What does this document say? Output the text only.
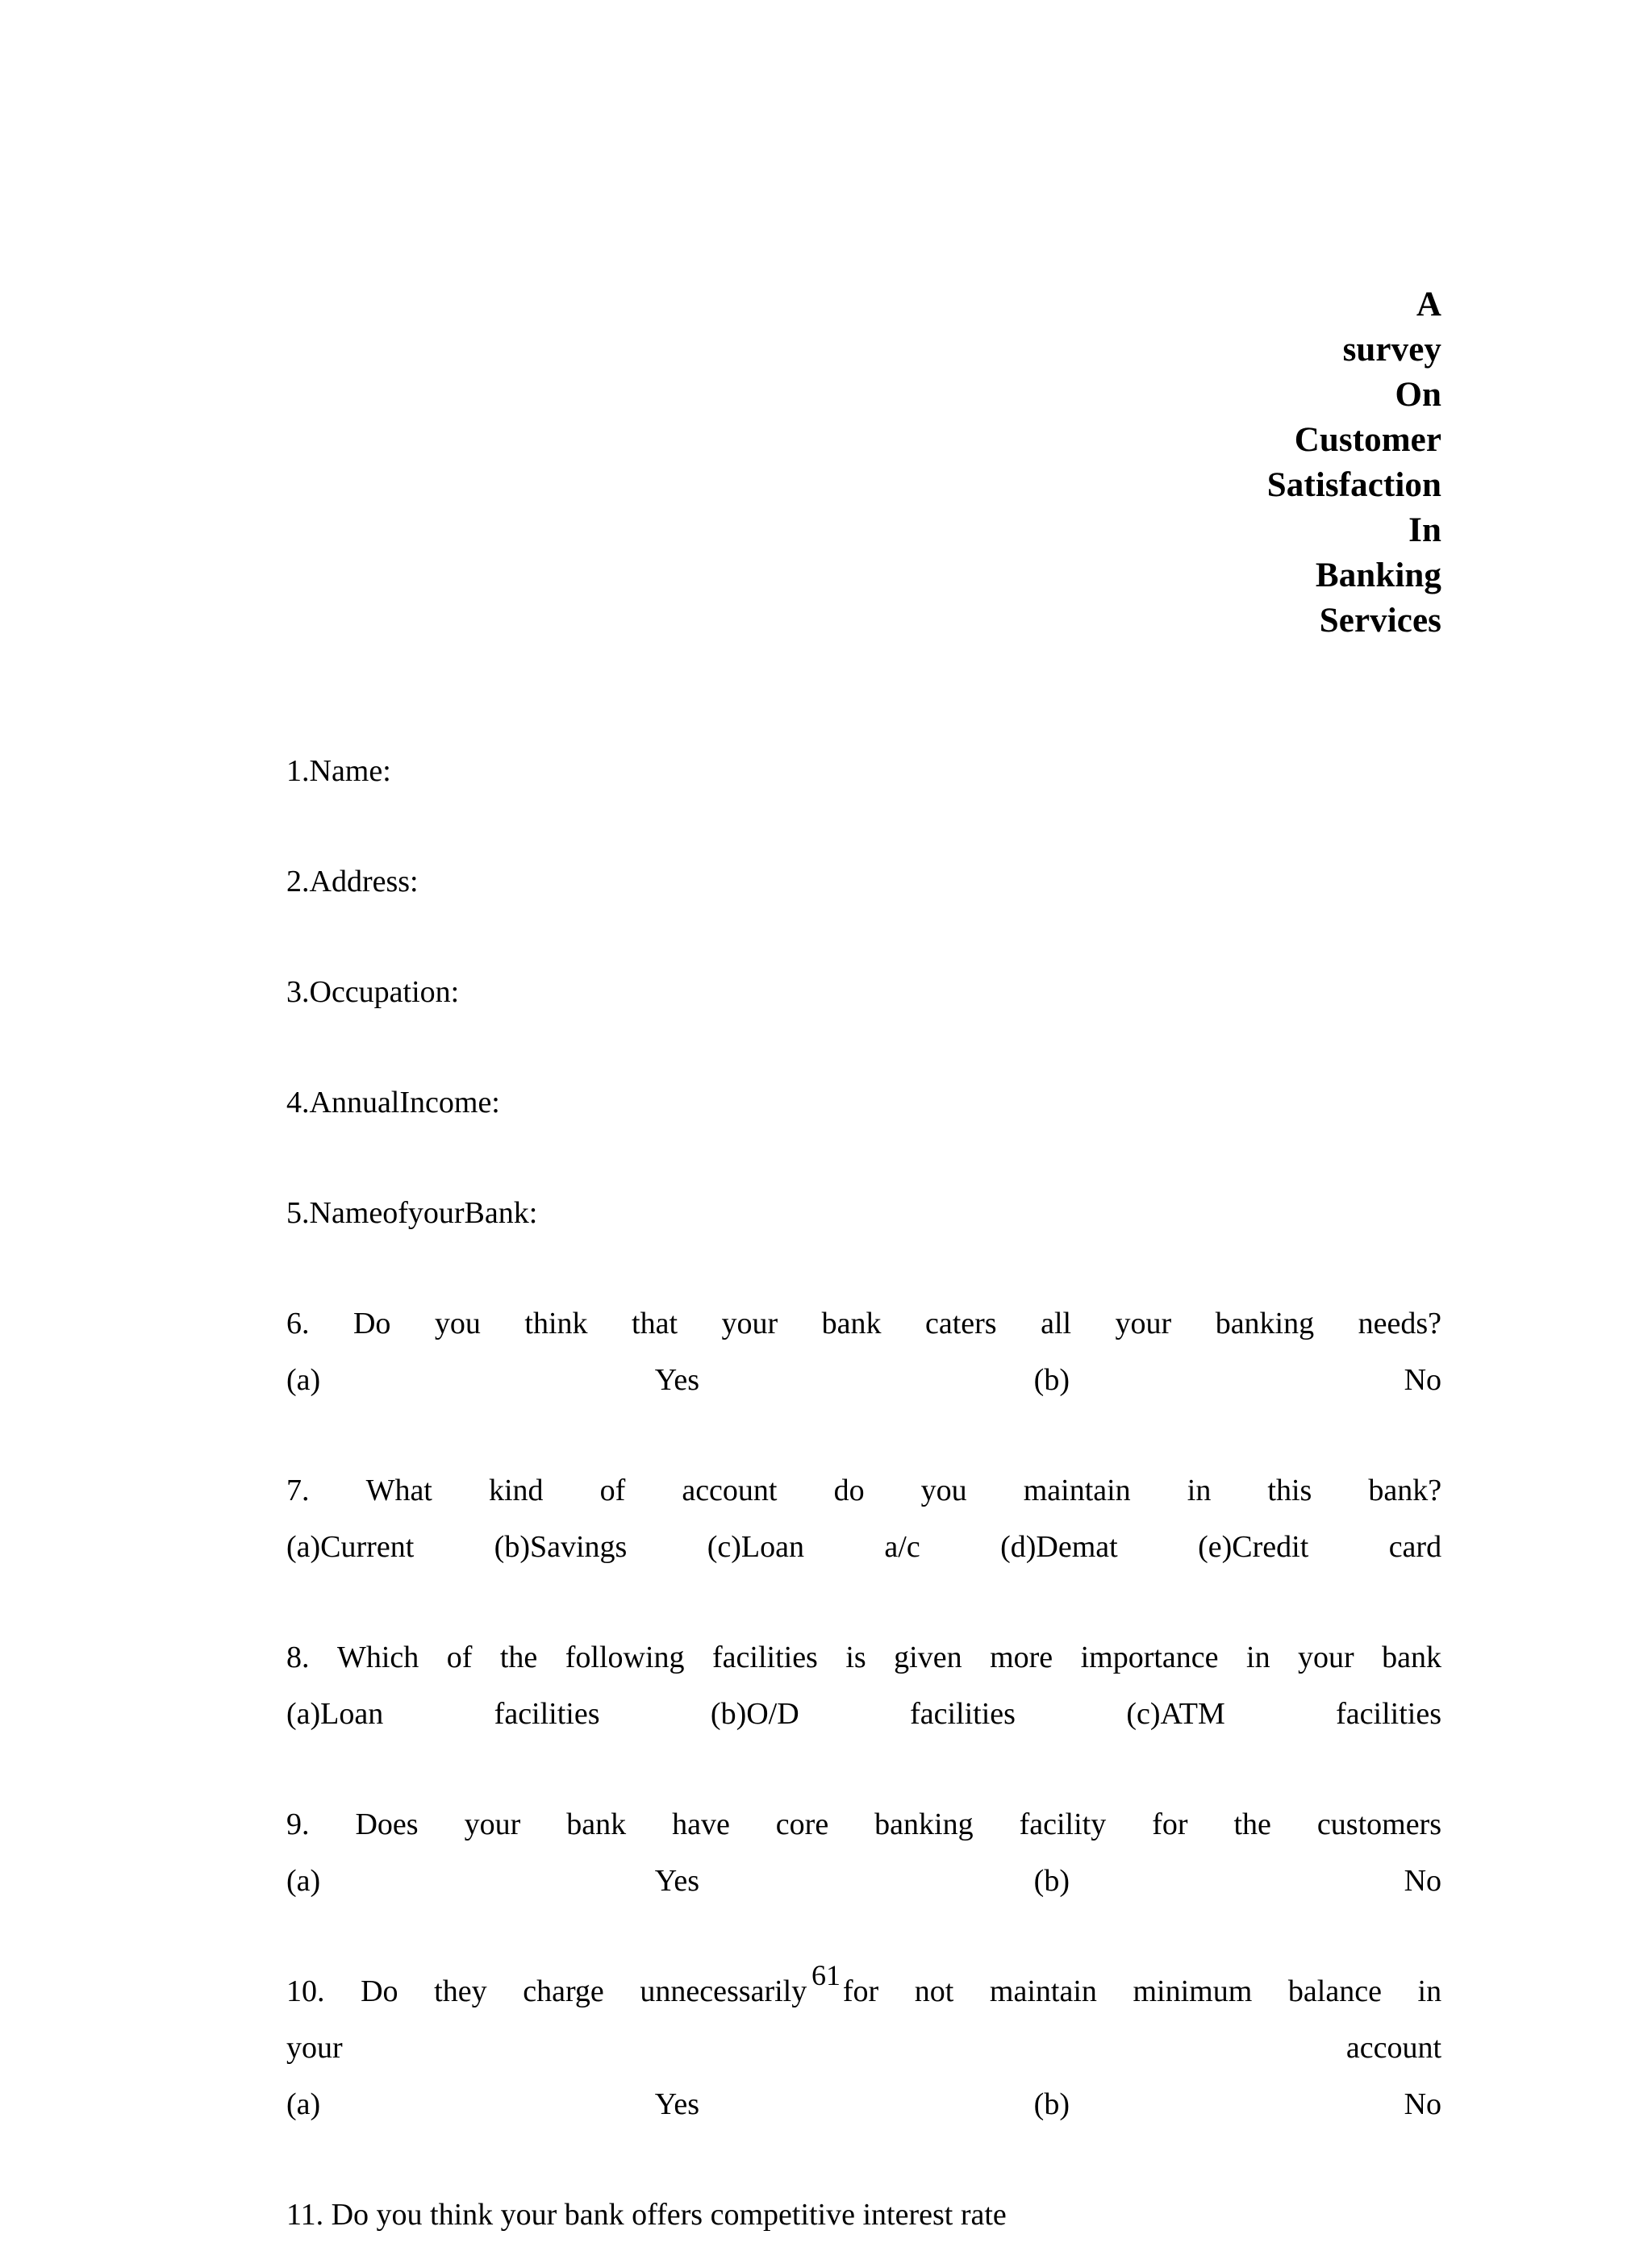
A
survey
On
Customer
Satisfaction
In
Banking
Services

1.Name:
2.Address:
3.Occupation:
4.AnnualIncome:
5.NameofyourBank:
6. Do you think that your bank caters all your banking needs?
(a)	Yes	(b)	No
7. What kind of account do you maintain in this bank?
(a)Current	(b)Savings	(c)Loan	a/c	(d)Demat	(e)Credit	card
8. Which of the following facilities is given more importance in your bank
(a)Loan	facilities	(b)O/D	facilities	(c)ATM	facilities
9. Does your bank have core banking facility for the customers
(a)	Yes	(b)	No
10. Do they charge unnecessarily for not maintain minimum balance in
your	account
(a)	Yes	(b)	No
11. Do you think your bank offers competitive interest rate
61
